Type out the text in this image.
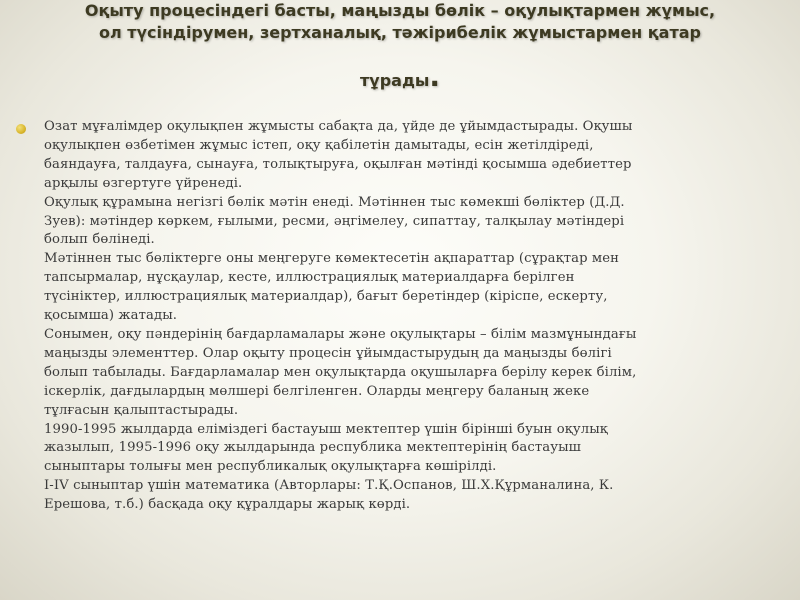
Оқыту процесіндегі басты, маңызды бөлік – оқулықтармен жұмыс,
ол түсіндірумен, зертханалық, тәжірибелік жұмыстармен қатар
тұрады.

Озат мұғалімдер оқулықпен жұмысты сабақта да, үйде де ұйымдастырады. Оқушы
оқулықпен өзбетімен жұмыс істеп, оқу қабілетін дамытады, есін жетілдіреді,
баяндауға, талдауға, сынауға, толықтыруға, оқылған мәтінді қосымша әдебиеттер
арқылы өзгертуге үйренеді.

Оқулық құрамына негізгі бөлік мәтін енеді. Мәтіннен тыс көмекші бөліктер (Д.Д.
Зуев): мәтіндер көркем, ғылыми, ресми, әңгімелеу, сипаттау, талқылау мәтіндері
болып бөлінеді.

Мәтіннен тыс бөліктерге оны меңгеруге көмектесетін ақпараттар (сұрақтар мен
тапсырмалар, нұсқаулар, кесте, иллюстрациялық материалдарға берілген
түсініктер, иллюстрациялық материалдар), бағыт беретіндер (кіріспе, ескерту,
қосымша) жатады.

Сонымен, оқу пәндерінің бағдарламалары және оқулықтары – білім мазмұнындағы
маңызды элементтер. Олар оқыту процесін ұйымдастырудың да маңызды бөлігі
болып табылады. Бағдарламалар мен оқулықтарда оқушыларға берілу керек білім,
іскерлік, дағдылардың мөлшері белгіленген. Оларды меңгеру баланың жеке
тұлғасын қалыптастырады.

1990-1995 жылдарда еліміздегі бастауыш мектептер үшін бірінші буын оқулық
жазылып, 1995-1996 оқу жылдарында республика мектептерінің бастауыш
сыныптары толығы мен республикалық оқулықтарға көшірілді.

І-ІV сыныптар үшін математика (Авторлары: Т.Қ.Оспанов, Ш.Х.Құрманалина, К.
Ерешова, т.б.) басқада оқу құралдары жарық көрді.
